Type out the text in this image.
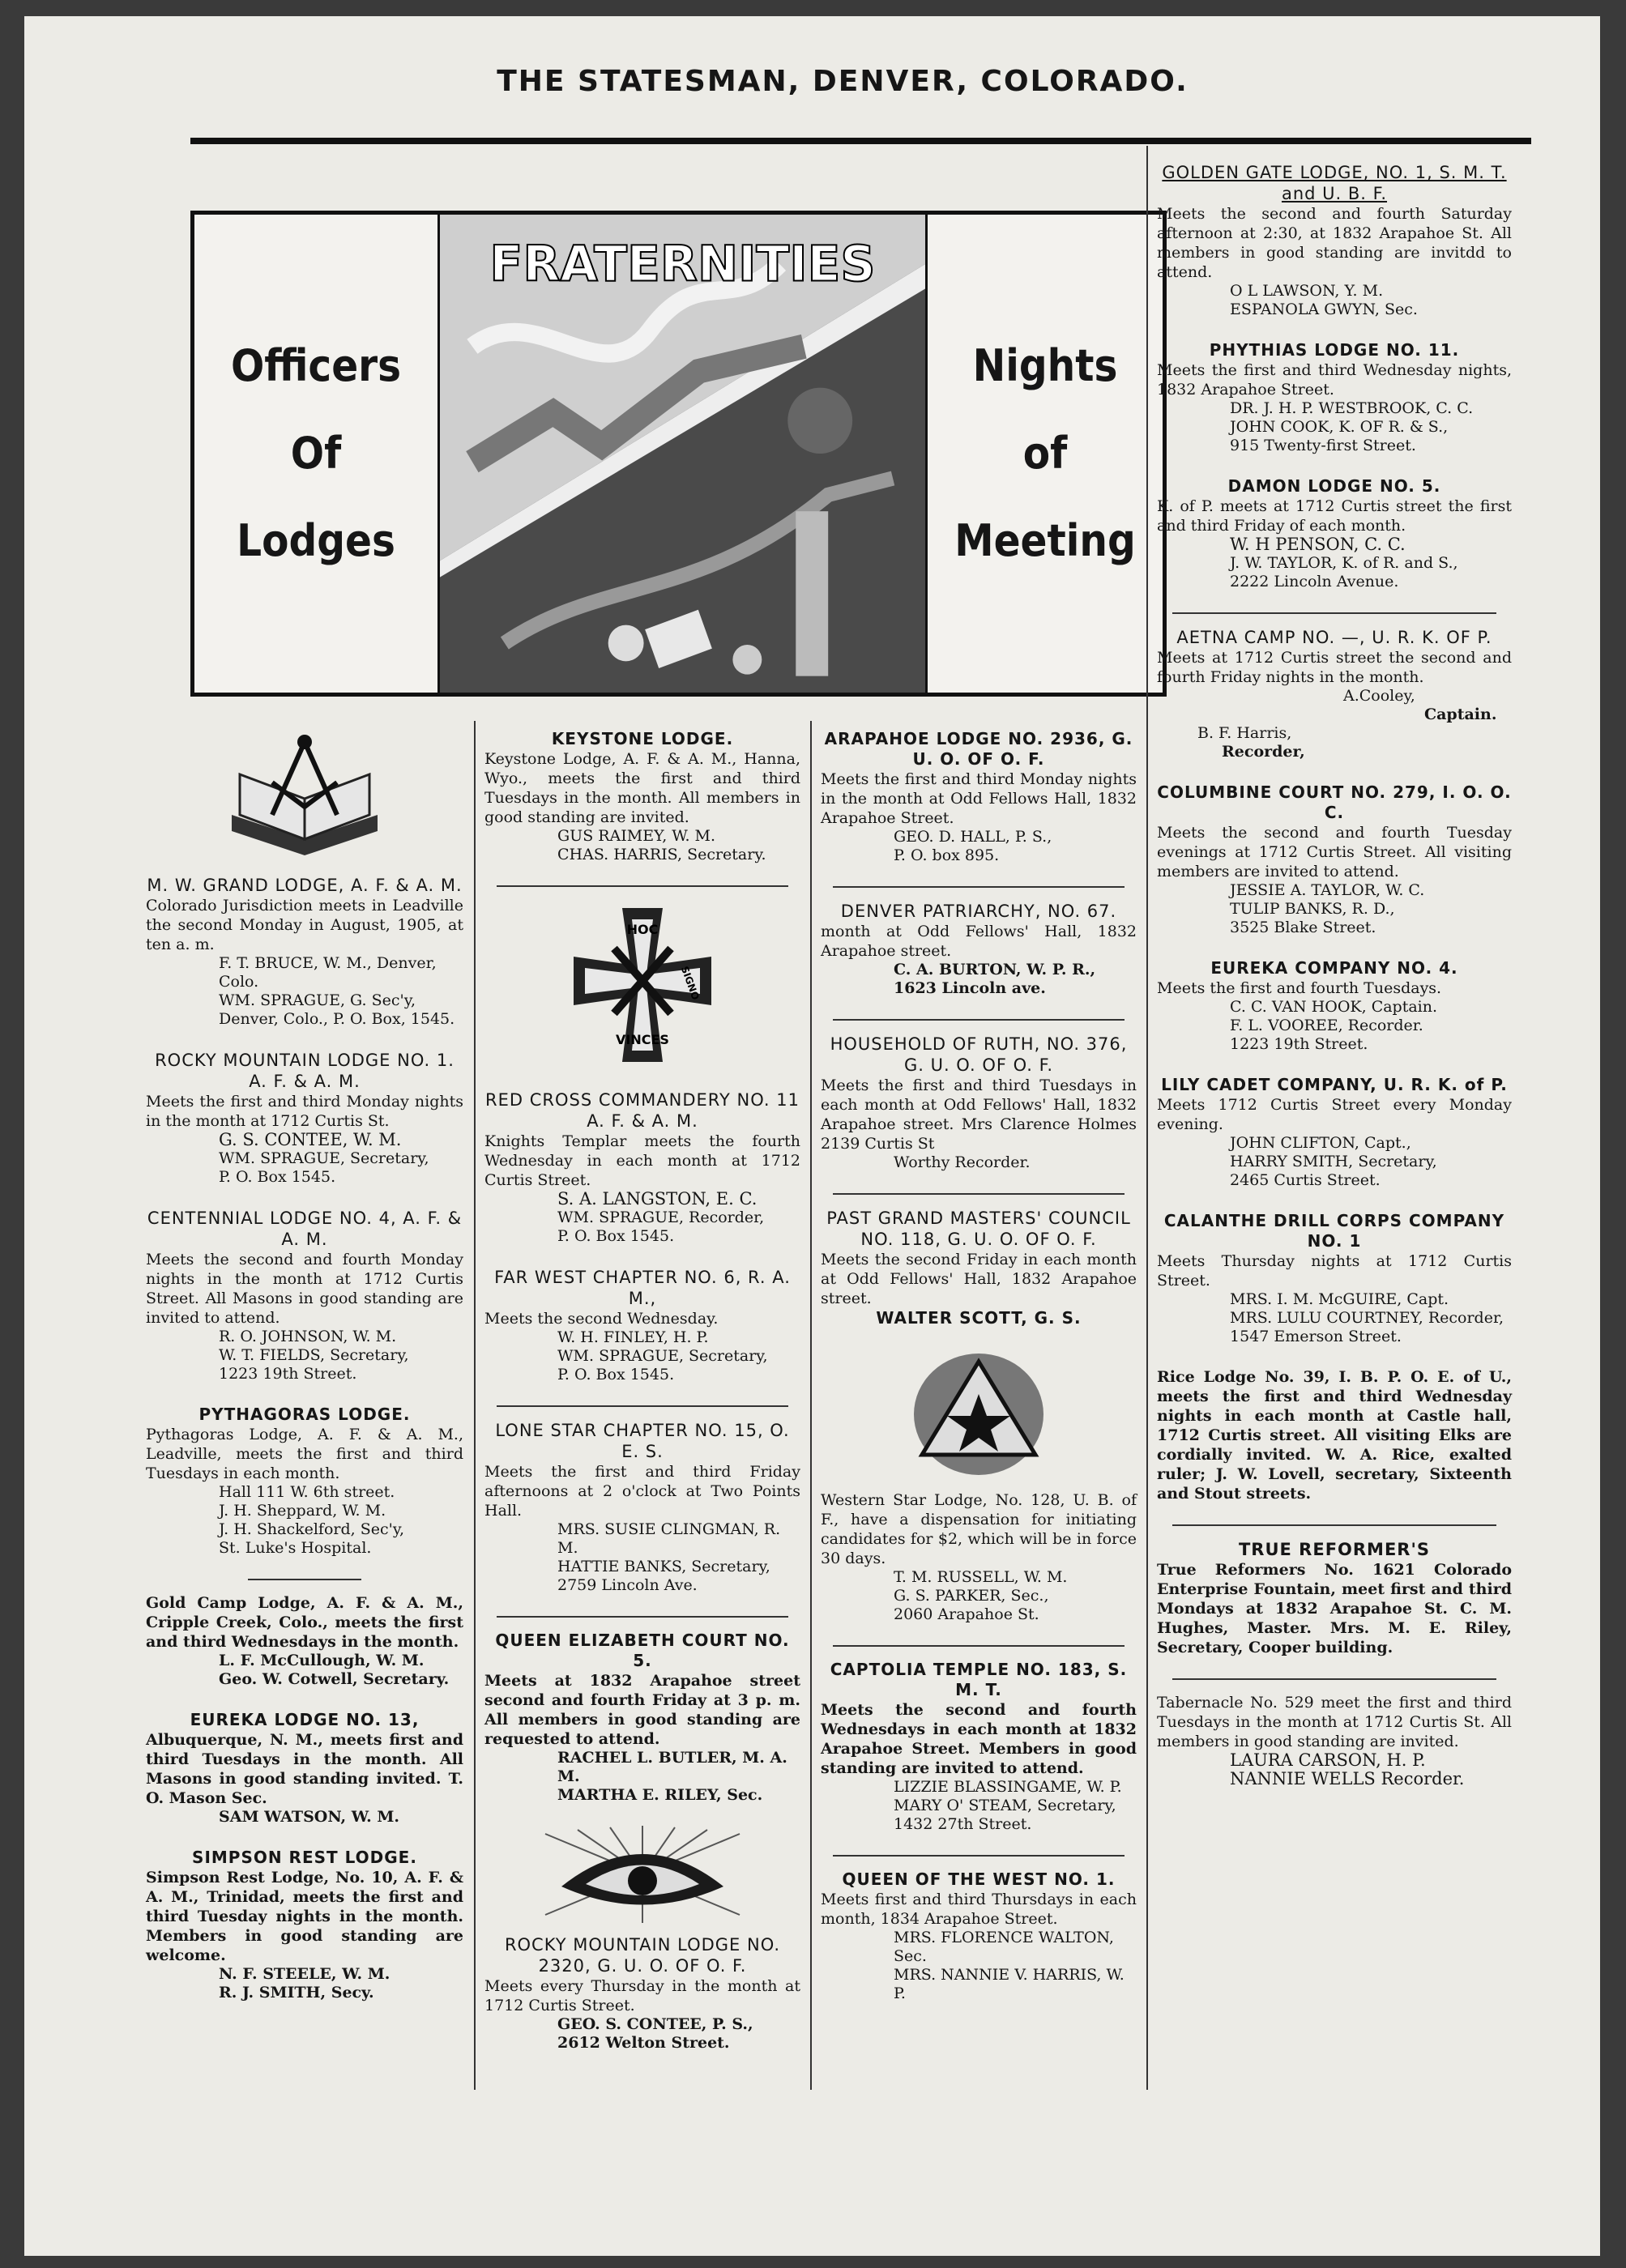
THE STATESMAN, DENVER, COLORADO.
Officers
Of
Lodges
FRATERNITIES
Nights
of
Meeting
M. W. GRAND LODGE, A. F. & A. M.
Colorado Jurisdiction meets in Leadville the second Monday in August, 1905, at ten a. m.
F. T. BRUCE, W. M., Denver, Colo.
WM. SPRAGUE, G. Sec'y, Denver, Colo., P. O. Box, 1545.
ROCKY MOUNTAIN LODGE NO. 1. A. F. & A. M.
Meets the first and third Monday nights in the month at 1712 Curtis St.
G. S. CONTEE, W. M.
WM. SPRAGUE, Secretary,
P. O. Box 1545.
CENTENNIAL LODGE NO. 4, A. F. & A. M.
Meets the second and fourth Monday nights in the month at 1712 Curtis Street. All Masons in good standing are invited to attend.
R. O. JOHNSON, W. M.
W. T. FIELDS, Secretary,
1223 19th Street.
PYTHAGORAS LODGE.
Pythagoras Lodge, A. F. & A. M., Leadville, meets the first and third Tuesdays in each month.
Hall 111 W. 6th street.
J. H. Sheppard, W. M.
J. H. Shackelford, Sec'y,
St. Luke's Hospital.
Gold Camp Lodge, A. F. & A. M., Cripple Creek, Colo., meets the first and third Wednesdays in the month.
L. F. McCullough, W. M.
Geo. W. Cotwell, Secretary.
EUREKA LODGE NO. 13,
Albuquerque, N. M., meets first and third Tuesdays in the month. All Masons in good standing invited. T. O. Mason Sec.
SAM WATSON, W. M.
SIMPSON REST LODGE.
Simpson Rest Lodge, No. 10, A. F. & A. M., Trinidad, meets the first and third Tuesday nights in the month. Members in good standing are welcome.
N. F. STEELE, W. M.
R. J. SMITH, Secy.
KEYSTONE LODGE.
Keystone Lodge, A. F. & A. M., Hanna, Wyo., meets the first and third Tuesdays in the month. All members in good standing are invited.
GUS RAIMEY, W. M.
CHAS. HARRIS, Secretary.
HOC
VINCES
SIGNO
RED CROSS COMMANDERY NO. 11 A. F. & A. M.
Knights Templar meets the fourth Wednesday in each month at 1712 Curtis Street.
S. A. LANGSTON, E. C.
WM. SPRAGUE, Recorder,
P. O. Box 1545.
FAR WEST CHAPTER NO. 6, R. A. M.,
Meets the second Wednesday.
W. H. FINLEY, H. P.
WM. SPRAGUE, Secretary,
P. O. Box 1545.
LONE STAR CHAPTER NO. 15, O. E. S.
Meets the first and third Friday afternoons at 2 o'clock at Two Points Hall.
MRS. SUSIE CLINGMAN, R. M.
HATTIE BANKS, Secretary,
2759 Lincoln Ave.
QUEEN ELIZABETH COURT NO. 5.
Meets at 1832 Arapahoe street second and fourth Friday at 3 p. m. All members in good standing are requested to attend.
RACHEL L. BUTLER, M. A. M.
MARTHA E. RILEY, Sec.
ROCKY MOUNTAIN LODGE NO. 2320, G. U. O. OF O. F.
Meets every Thursday in the month at 1712 Curtis Street.
GEO. S. CONTEE, P. S.,
2612 Welton Street.
ARAPAHOE LODGE NO. 2936, G. U. O. OF O. F.
Meets the first and third Monday nights in the month at Odd Fellows Hall, 1832 Arapahoe Street.
GEO. D. HALL, P. S.,
P. O. box 895.
DENVER PATRIARCHY, NO. 67.
month at Odd Fellows' Hall, 1832 Arapahoe street.
C. A. BURTON, W. P. R.,
1623 Lincoln ave.
HOUSEHOLD OF RUTH, NO. 376, G. U. O. OF O. F.
Meets the first and third Tuesdays in each month at Odd Fellows' Hall, 1832 Arapahoe street. Mrs Clarence Holmes 2139 Curtis St
Worthy Recorder.
PAST GRAND MASTERS' COUNCIL NO. 118, G. U. O. OF O. F.
Meets the second Friday in each month at Odd Fellows' Hall, 1832 Arapahoe street.
WALTER SCOTT, G. S.
Western Star Lodge, No. 128, U. B. of F., have a dispensation for initiating candidates for $2, which will be in force 30 days.
T. M. RUSSELL, W. M.
G. S. PARKER, Sec.,
2060 Arapahoe St.
CAPTOLIA TEMPLE NO. 183, S. M. T.
Meets the second and fourth Wednesdays in each month at 1832 Arapahoe Street. Members in good standing are invited to attend.
LIZZIE BLASSINGAME, W. P.
MARY O' STEAM, Secretary,
1432 27th Street.
QUEEN OF THE WEST NO. 1.
Meets first and third Thursdays in each month, 1834 Arapahoe Street.
MRS. FLORENCE WALTON, Sec.
MRS. NANNIE V. HARRIS, W. P.
GOLDEN GATE LODGE, NO. 1, S. M. T. and U. B. F.
Meets the second and fourth Saturday afternoon at 2:30, at 1832 Arapahoe St. All members in good standing are invitdd to attend.
O L LAWSON, Y. M.
ESPANOLA GWYN, Sec.
PHYTHIAS LODGE NO. 11.
Meets the first and third Wednesday nights, 1832 Arapahoe Street.
DR. J. H. P. WESTBROOK, C. C.
JOHN COOK, K. OF R. & S.,
915 Twenty-first Street.
DAMON LODGE NO. 5.
K. of P. meets at 1712 Curtis street the first and third Friday of each month.
W. H PENSON, C. C.
J. W. TAYLOR, K. of R. and S.,
2222 Lincoln Avenue.
AETNA CAMP NO. —, U. R. K. OF P.
Meets at 1712 Curtis street the second and fourth Friday nights in the month.
A.Cooley,
Captain.
B. F. Harris,
Recorder,
COLUMBINE COURT NO. 279, I. O. O. C.
Meets the second and fourth Tuesday evenings at 1712 Curtis Street. All visiting members are invited to attend.
JESSIE A. TAYLOR, W. C.
TULIP BANKS, R. D.,
3525 Blake Street.
EUREKA COMPANY NO. 4.
Meets the first and fourth Tuesdays.
C. C. VAN HOOK, Captain.
F. L. VOOREE, Recorder.
1223 19th Street.
LILY CADET COMPANY, U. R. K. of P.
Meets 1712 Curtis Street every Monday evening.
JOHN CLIFTON, Capt.,
HARRY SMITH, Secretary,
2465 Curtis Street.
CALANTHE DRILL CORPS COMPANY NO. 1
Meets Thursday nights at 1712 Curtis Street.
MRS. I. M. McGUIRE, Capt.
MRS. LULU COURTNEY, Recorder,
1547 Emerson Street.
Rice Lodge No. 39, I. B. P. O. E. of U., meets the first and third Wednesday nights in each month at Castle hall, 1712 Curtis street. All visiting Elks are cordially invited. W. A. Rice, exalted ruler; J. W. Lovell, secretary, Sixteenth and Stout streets.
TRUE REFORMER'S
True Reformers No. 1621 Colorado Enterprise Fountain, meet first and third Mondays at 1832 Arapahoe St. C. M. Hughes, Master. Mrs. M. E. Riley, Secretary, Cooper building.
Tabernacle No. 529 meet the first and third Tuesdays in the month at 1712 Curtis St. All members in good standing are invited.
LAURA CARSON, H. P.
NANNIE WELLS Recorder.
